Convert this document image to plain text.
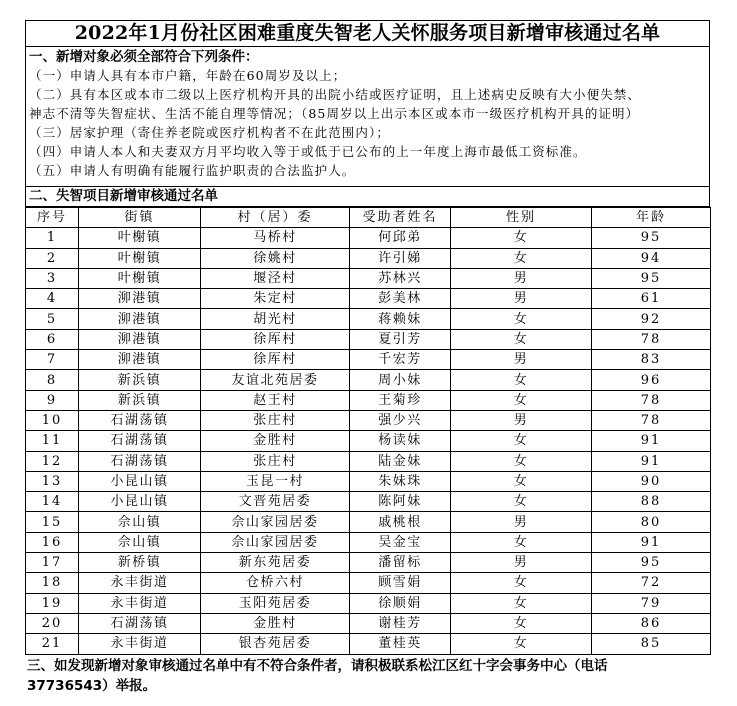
2022年1月份社区困难重度失智老人关怀服务项目新增审核通过名单
一、新增对象必须全部符合下列条件：
（一）申请人具有本市户籍，年龄在60周岁及以上；
（二）具有本区或本市二级以上医疗机构开具的出院小结或医疗证明，且上述病史反映有大小便失禁、
神志不清等失智症状、生活不能自理等情况；（85周岁以上出示本区或本市一级医疗机构开具的证明）
（三）居家护理（寄住养老院或医疗机构者不在此范围内）；
（四）申请人本人和夫妻双方月平均收入等于或低于已公布的上一年度上海市最低工资标准。
（五）申请人有明确有能履行监护职责的合法监护人。
二、失智项目新增审核通过名单
序号	街镇	村（居）委	受助者姓名	性别	年龄
1	叶榭镇	马桥村	何邱弟	女	95
2	叶榭镇	徐姚村	许引娣	女	94
3	叶榭镇	堰泾村	苏林兴	男	95
4	泖港镇	朱定村	彭美林	男	61
5	泖港镇	胡光村	蒋赖妹	女	92
6	泖港镇	徐厍村	夏引芳	女	78
7	泖港镇	徐厍村	千宏芳	男	83
8	新浜镇	友谊北苑居委	周小妹	女	96
9	新浜镇	赵王村	王菊珍	女	78
10	石湖荡镇	张庄村	强少兴	男	78
11	石湖荡镇	金胜村	杨读妹	女	91
12	石湖荡镇	张庄村	陆金妹	女	91
13	小昆山镇	玉昆一村	朱妹珠	女	90
14	小昆山镇	文晋苑居委	陈阿妹	女	88
15	佘山镇	佘山家园居委	戚桃根	男	80
16	佘山镇	佘山家园居委	吴金宝	女	91
17	新桥镇	新东苑居委	潘留标	男	95
18	永丰街道	仓桥六村	顾雪娟	女	72
19	永丰街道	玉阳苑居委	徐顺娟	女	79
20	石湖荡镇	金胜村	谢桂芳	女	86
21	永丰街道	银杏苑居委	董桂英	女	85
三、如发现新增对象审核通过名单中有不符合条件者，请积极联系松江区红十字会事务中心（电话
37736543）举报。
